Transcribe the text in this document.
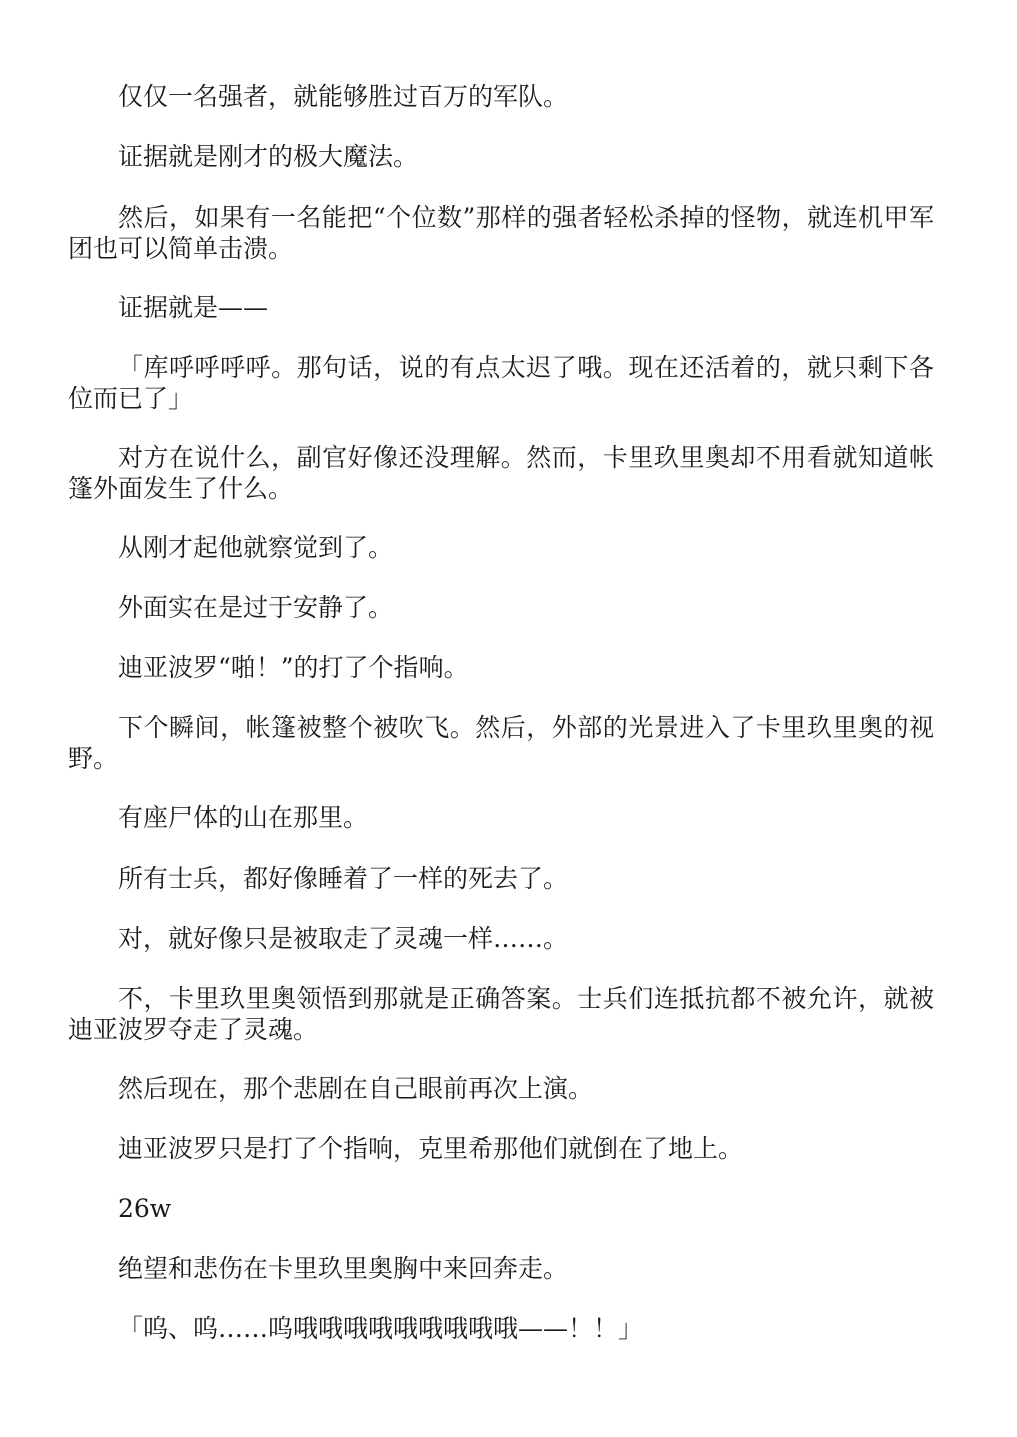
仅仅一名强者，就能够胜过百万的军队。

证据就是刚才的极大魔法。

然后，如果有一名能把“个位数”那样的强者轻松杀掉的怪物，就连机甲军团也可以简单击溃。

证据就是——

「库呼呼呼呼。那句话，说的有点太迟了哦。现在还活着的，就只剩下各位而已了」

对方在说什么，副官好像还没理解。然而，卡里玖里奥却不用看就知道帐篷外面发生了什么。

从刚才起他就察觉到了。

外面实在是过于安静了。

迪亚波罗“啪！”的打了个指响。

下个瞬间，帐篷被整个被吹飞。然后，外部的光景进入了卡里玖里奥的视野。

有座尸体的山在那里。

所有士兵，都好像睡着了一样的死去了。

对，就好像只是被取走了灵魂一样……。

不，卡里玖里奥领悟到那就是正确答案。士兵们连抵抗都不被允许，就被迪亚波罗夺走了灵魂。

然后现在，那个悲剧在自己眼前再次上演。

迪亚波罗只是打了个指响，克里希那他们就倒在了地上。

26w

绝望和悲伤在卡里玖里奥胸中来回奔走。

「呜、呜……呜哦哦哦哦哦哦哦哦哦——！！」
